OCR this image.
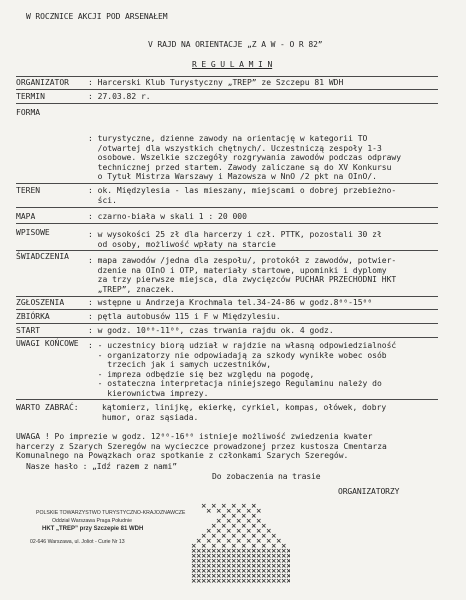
W ROCZNICE AKCJI POD ARSENAŁEM
V RAJD NA ORIENTACJE „Z A W - O R 82”
R E G U L A M I N
ORGANIZATOR : Harcerski Klub Turystyczny „TREP” ze Szczepu 81 WDH
TERMIN	: 27.03.82 r.
FORMA
: turystyczne, dzienne zawody na orientację w kategorii TO
/otwartej dla wszystkich chętnych/. Uczestniczą zespoły 1-3
osobowe. Wszelkie szczegóły rozgrywania zawodów podczas odprawy
technicznej przed startem. Zawody zaliczane są do XV Konkursu
o Tytuł Mistrza Warszawy i Mazowsza w NnO /2 pkt na OInO/.
TEREN	: ok. Międzylesia - las mieszany, miejscami o dobrej przebieżno-
ści.
MAPA	: czarno-biała w skali 1 : 20 000
WPISOWE	: w wysokości 25 zł dla harcerzy i czł. PTTK, pozostali 30 zł
od osoby, możliwość wpłaty na starcie
ŚWIADCZENIA : mapa zawodów /jedna dla zespołu/, protokół z zawodów, potwier-
dzenie na OInO i OTP, materiały startowe, upominki i dyplomy
za trzy pierwsze miejsca, dla zwycięzców PUCHAR PRZECHODNI HKT
„TREP”, znaczek.
ZGŁOSZENIA	: wstępne u Andrzeja Krochmala tel.34-24-86 w godz.8⁰⁰-15⁰⁰
ZBIÓRKA	: pętla autobusów 115 i F w Międzylesiu.
START	: w godz. 10⁰⁰-11⁰⁰, czas trwania rajdu ok. 4 godz.
UWAGI KOŃCOWE : - uczestnicy biorą udział w rajdzie na własną odpowiedzialność
- organizatorzy nie odpowiadają za szkody wynikłe wobec osób
trzecich jak i samych uczestników,
- impreza odbędzie się bez względu na pogodę,
- ostateczna interpretacja niniejszego Regulaminu należy do
kierownictwa imprezy.
WARTO ZABRAĆ:	kątomierz, linijkę, ekierkę, cyrkiel, kompas, ołówek, dobry
humor, oraz sąsiada.
UWAGA ! Po imprezie w godz. 12⁰⁰-16⁰⁰ istnieje możliwość zwiedzenia kwater
harcerzy z Szarych Szeregów na wycieczce prowadzonej przez kustosza Cmentarza
Komunalnego na Powązkach oraz spotkanie z członkami Szarych Szeregów.
Nasze hasło : „Idź razem z nami”
Do zobaczenia na trasie
ORGANIZATORZY
POLSKIE TOWARZYSTWO TURYSTYCZNO-KRAJOZNAWCZE
Oddział Warszawa Praga Południe
HKT „TREP” przy Szczepie 81 WDH
02-646 Warszawa, ul. Joliot - Curie Nr 13
